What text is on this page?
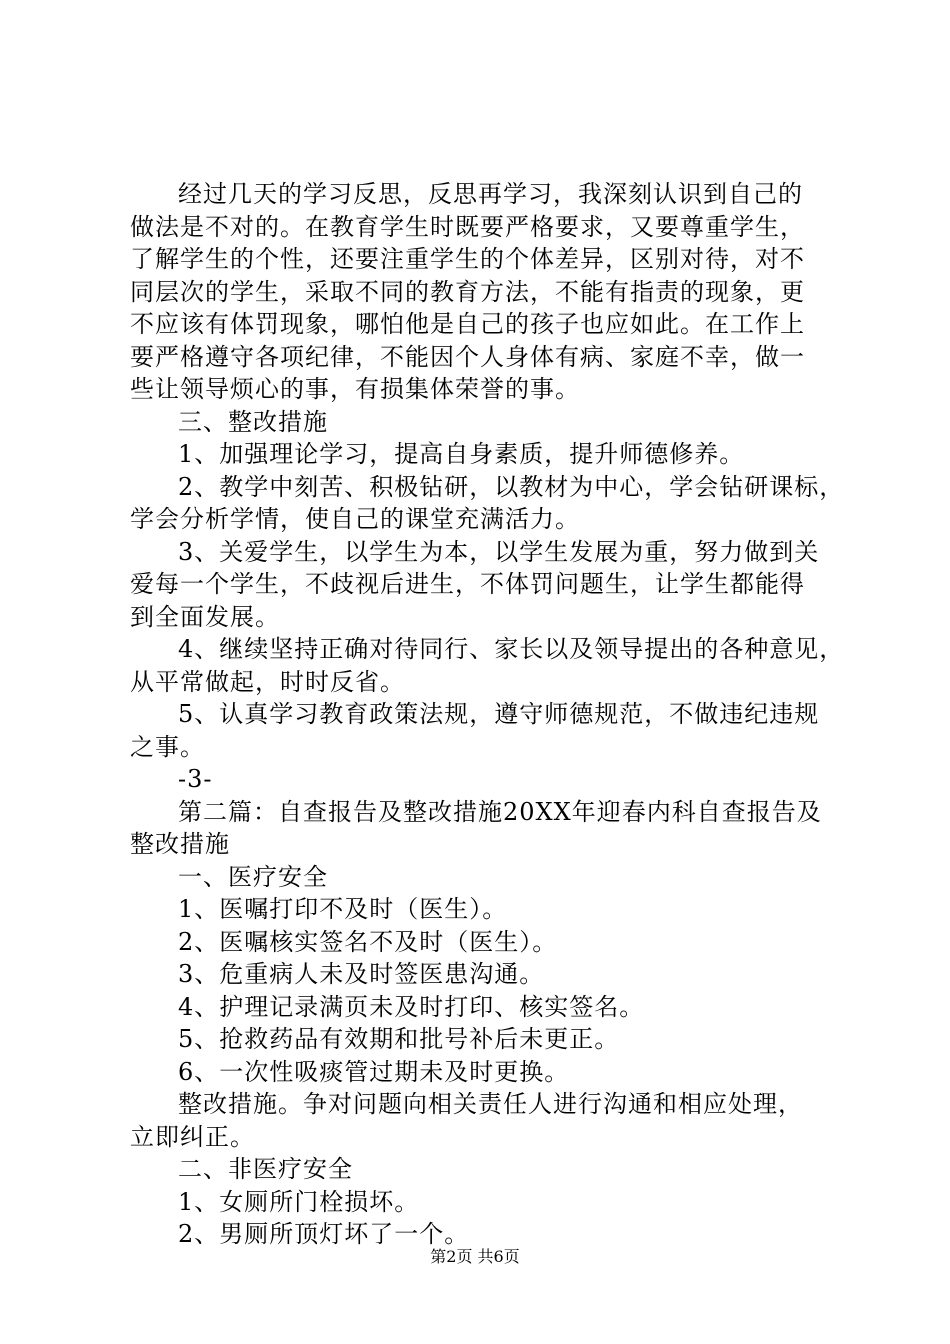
经过几天的学习反思，反思再学习，我深刻认识到自己的
做法是不对的。在教育学生时既要严格要求，又要尊重学生，
了解学生的个性，还要注重学生的个体差异，区别对待，对不
同层次的学生，采取不同的教育方法，不能有指责的现象，更
不应该有体罚现象，哪怕他是自己的孩子也应如此。在工作上
要严格遵守各项纪律，不能因个人身体有病、家庭不幸，做一
些让领导烦心的事，有损集体荣誉的事。
三、整改措施
1、加强理论学习，提高自身素质，提升师德修养。
2、教学中刻苦、积极钻研，以教材为中心，学会钻研课标，
学会分析学情，使自己的课堂充满活力。
3、关爱学生，以学生为本，以学生发展为重，努力做到关
爱每一个学生，不歧视后进生，不体罚问题生，让学生都能得
到全面发展。
4、继续坚持正确对待同行、家长以及领导提出的各种意见，
从平常做起，时时反省。
5、认真学习教育政策法规，遵守师德规范，不做违纪违规
之事。
-3-
第二篇：自查报告及整改措施20XX年迎春内科自查报告及
整改措施
一、医疗安全
1、医嘱打印不及时（医生）。
2、医嘱核实签名不及时（医生）。
3、危重病人未及时签医患沟通。
4、护理记录满页未及时打印、核实签名。
5、抢救药品有效期和批号补后未更正。
6、一次性吸痰管过期未及时更换。
整改措施。争对问题向相关责任人进行沟通和相应处理，
立即纠正。
二、非医疗安全
1、女厕所门栓损坏。
2、男厕所顶灯坏了一个。
第2页 共6页
